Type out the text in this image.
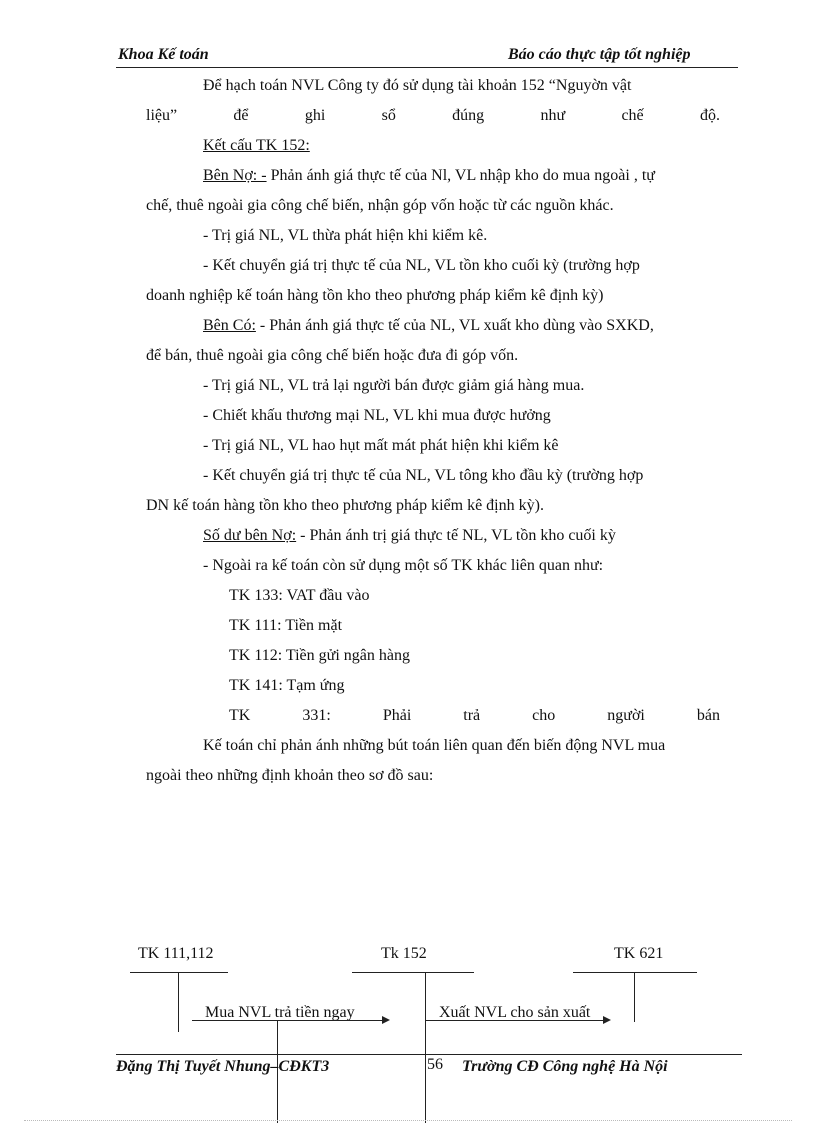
Khoa Kế toán	Báo cáo thực tập tốt nghiệp
Để hạch toán NVL Công ty đó sử dụng tài khoản 152 “Nguyờn vật
liệu”	để	ghi	sổ	đúng	như	chế	độ.
Kết cấu TK 152:
Bên Nợ: - Phản ánh giá thực tế của Nl, VL nhập kho do mua ngoài , tự
chế, thuê ngoài gia công chế biến, nhận góp vốn hoặc từ các nguồn khác.
- Trị giá NL, VL thừa phát hiện khi kiểm kê.
- Kết chuyển giá trị thực tế của NL, VL tồn kho cuối kỳ (trường hợp
doanh nghiệp kế toán hàng tồn kho theo phương pháp kiểm kê định kỳ)
Bên Có: - Phản ánh giá thực tế của NL, VL xuất kho dùng vào SXKD,
để bán, thuê ngoài gia công chế biến hoặc đưa đi góp vốn.
- Trị giá NL, VL trả lại người bán được giảm giá hàng mua.
- Chiết khấu thương mại NL, VL khi mua được hưởng
- Trị giá NL, VL hao hụt mất mát phát hiện khi kiểm kê
- Kết chuyển giá trị thực tế của NL, VL tông kho đầu kỳ (trường hợp
DN kế toán hàng tồn kho theo phương pháp kiểm kê định kỳ).
Số dư bên Nợ: - Phản ánh trị giá thực tế NL, VL tồn kho cuối kỳ
- Ngoài ra kế toán còn sử dụng một số TK khác liên quan như:
TK 133: VAT đầu vào
TK 111: Tiền mặt
TK 112: Tiền gửi ngân hàng
TK 141: Tạm ứng
TK	331:	Phải	trả	cho	người	bán
Kế toán chỉ phản ánh những bút toán liên quan đến biến động NVL mua
ngoài theo những định khoản theo sơ đồ sau:
TK 111,112	Tk 152	TK 621
Mua NVL trả tiền ngay	Xuất NVL cho sản xuất
Đặng Thị Tuyết Nhung–CĐKT3	56 Trường CĐ Công nghệ Hà Nội
